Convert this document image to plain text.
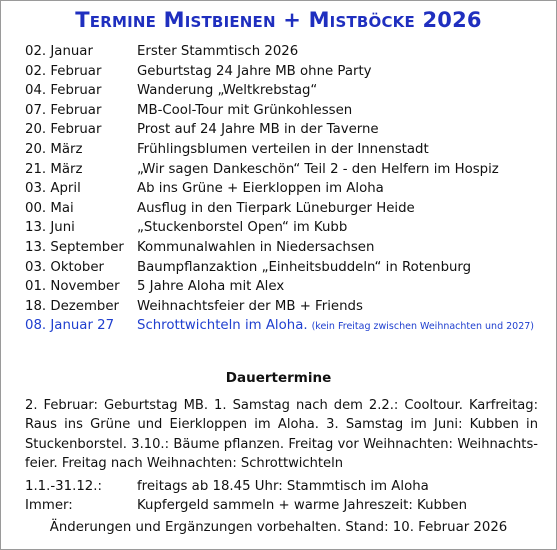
Termine Mistbienen + Mistböcke 2026
02. Januar	Erster Stammtisch 2026
02. Februar	Geburtstag 24 Jahre MB ohne Party
04. Februar	Wanderung „Weltkrebstag“
07. Februar	MB-Cool-Tour mit Grünkohlessen
20. Februar	Prost auf 24 Jahre MB in der Taverne
20. März	Frühlingsblumen verteilen in der Innenstadt
21. März	„Wir sagen Dankeschön“ Teil 2 - den Helfern im Hospiz
03. April	Ab ins Grüne + Eierkloppen im Aloha
00. Mai	Ausflug in den Tierpark Lüneburger Heide
13. Juni	„Stuckenborstel Open“ im Kubb
13. September Kommunalwahlen in Niedersachsen
03. Oktober	Baumpflanzaktion „Einheitsbuddeln“ in Rotenburg
01. November	5 Jahre Aloha mit Alex
18. Dezember	Weihnachtsfeier der MB + Friends
08. Januar 27	Schrottwichteln im Aloha. (kein Freitag zwischen Weihnachten und 2027)
Dauertermine
2. Februar: Geburtstag MB. 1. Samstag nach dem 2.2.: Cooltour. Karfreitag: Raus ins Grüne und Eierkloppen im Aloha. 3. Samstag im Juni: Kubben in Stuckenborstel. 3.10.: Bäume pflanzen. Freitag vor Weihnachten: Weihnachtsfeier. Freitag nach Weihnachten: Schrottwichteln
1.1.-31.12.:	freitags ab 18.45 Uhr: Stammtisch im Aloha
Immer:	Kupfergeld sammeln + warme Jahreszeit: Kubben
Änderungen und Ergänzungen vorbehalten. Stand: 10. Februar 2026
